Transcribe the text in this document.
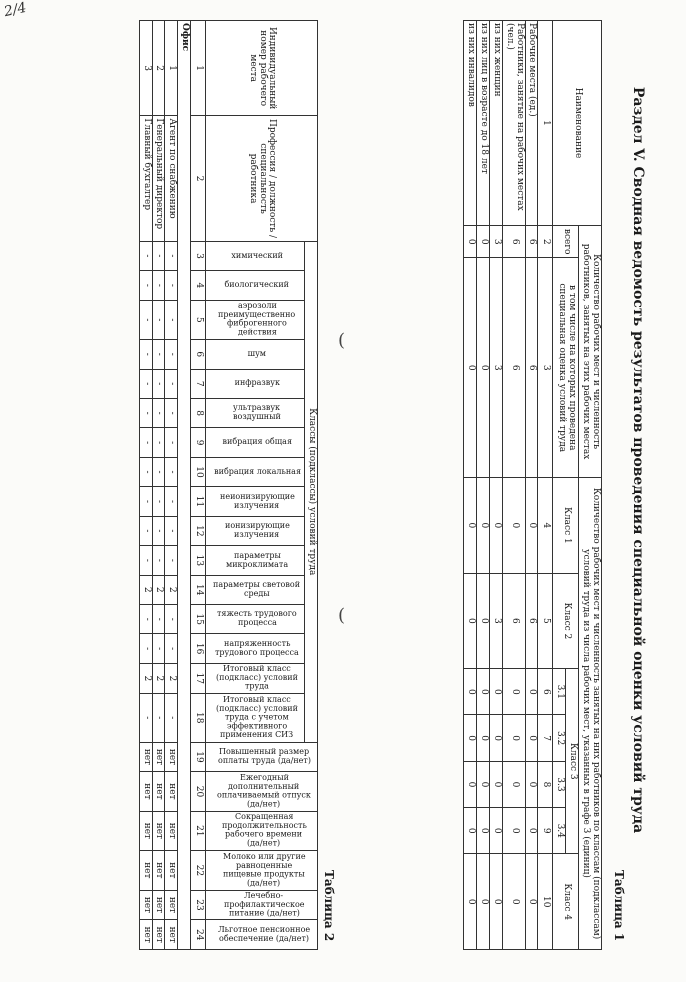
2/4
(
(	Раздел V. Сводная ведомость результатов проведения специальной оценки условий труда
Таблица 1
Наименование	Количество рабочих мест и численность работников, занятых на этих рабочих местах		Количество рабочих мест и численность занятых на них работников по классам (подклассам) условий труда из числа рабочих мест, указанных в графе 3 (единиц)						
	всего	в том числе на которых проведена специальная оценка условий труда	Класс 1	Класс 2	Класс 3				Класс 4
					3.1	3.2	3.3	3.4	
1	2	3	4	5	6	7	8	9	10
Рабочие места (ед.)	6	6	0	6	0	0	0	0	0
Работники, занятые на рабочих местах (чел.)	6	6	0	6	0	0	0	0	0
из них женщин	3	3	0	3	0	0	0	0	0
из них лиц в возрасте до 18 лет	0	0	0	0	0	0	0	0	0
из них инвалидов	0	0	0	0	0	0	0	0	0
Таблица 2
Индивидуальный номер рабочего места	Профессия / должность / специальность работника	Классы (подклассы) условий труда																Повышенный размер оплаты труда (да/нет)	Ежегодный дополнительный оплачиваемый отпуск (да/нет)	Сокращенная продолжительность рабочего времени (да/нет)	Молоко или другие равноценные пищевые продукты (да/нет)	Лечебно-профилактическое питание (да/нет)	Льготное пенсионное обеспечение (да/нет)
		химический	биологический	аэрозоли преимущественно фиброгенного действия	шум	инфразвук	ультразвук воздушный	вибрация общая	вибрация локальная	неионизирующие излучения	ионизирующие излучения	параметры микроклимата	параметры световой среды	тяжесть трудового процесса	напряженность трудового процесса	Итоговый класс (подкласс) условий труда	Итоговый класс (подкласс) условий труда с учетом эффективного применения СИЗ						
1	2	3	4	5	6	7	8	9	10	11	12	13	14	15	16	17	18	19	20	21	22	23	24
Офис																							
1	Агент по снабжению	-	-	-	-	-	-	-	-	-	-	-	2	-	-	2	-	нет	нет	нет	нет	нет	нет
2	Генеральный директор	-	-	-	-	-	-	-	-	-	-	-	2	-	-	2	-	нет	нет	нет	нет	нет	нет
3	Главный бухгалтер	-	-	-	-	-	-	-	-	-	-	-	2	-	-	2	-	нет	нет	нет	нет	нет	нет
